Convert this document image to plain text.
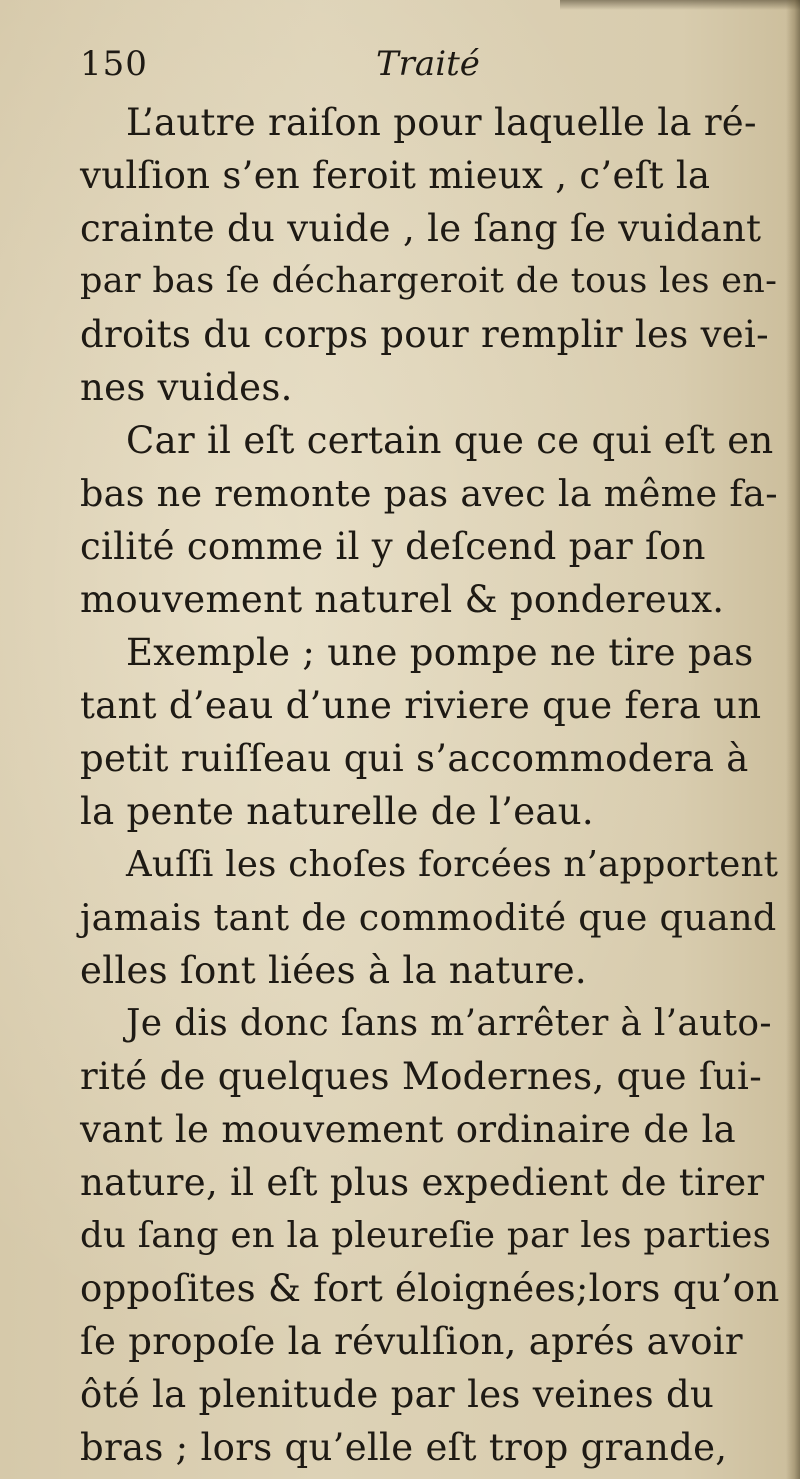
150	Traité
L’autre raiſon pour laquelle la ré-
vulſion s’en feroit mieux , c’eſt la
crainte du vuide , le ſang ſe vuidant
par bas ſe déchargeroit de tous les en-
droits du corps pour remplir les vei-
nes vuides.
Car il eſt certain que ce qui eſt en
bas ne remonte pas avec la même fa-
cilité comme il y deſcend par ſon
mouvement naturel & pondereux.
Exemple ; une pompe ne tire pas
tant d’eau d’une riviere que fera un
petit ruiſſeau qui s’accommodera à
la pente naturelle de l’eau.
Auſſi les choſes forcées n’apportent
jamais tant de commodité que quand
elles ſont liées à la nature.
Je dis donc ſans m’arrêter à l’auto-
rité de quelques Modernes, que ſui-
vant le mouvement ordinaire de la
nature, il eſt plus expedient de tirer
du ſang en la pleureſie par les parties
oppoſites & fort éloignées;lors qu’on
ſe propoſe la révulſion, aprés avoir
ôté la plenitude par les veines du
bras ; lors qu’elle eſt trop grande,
